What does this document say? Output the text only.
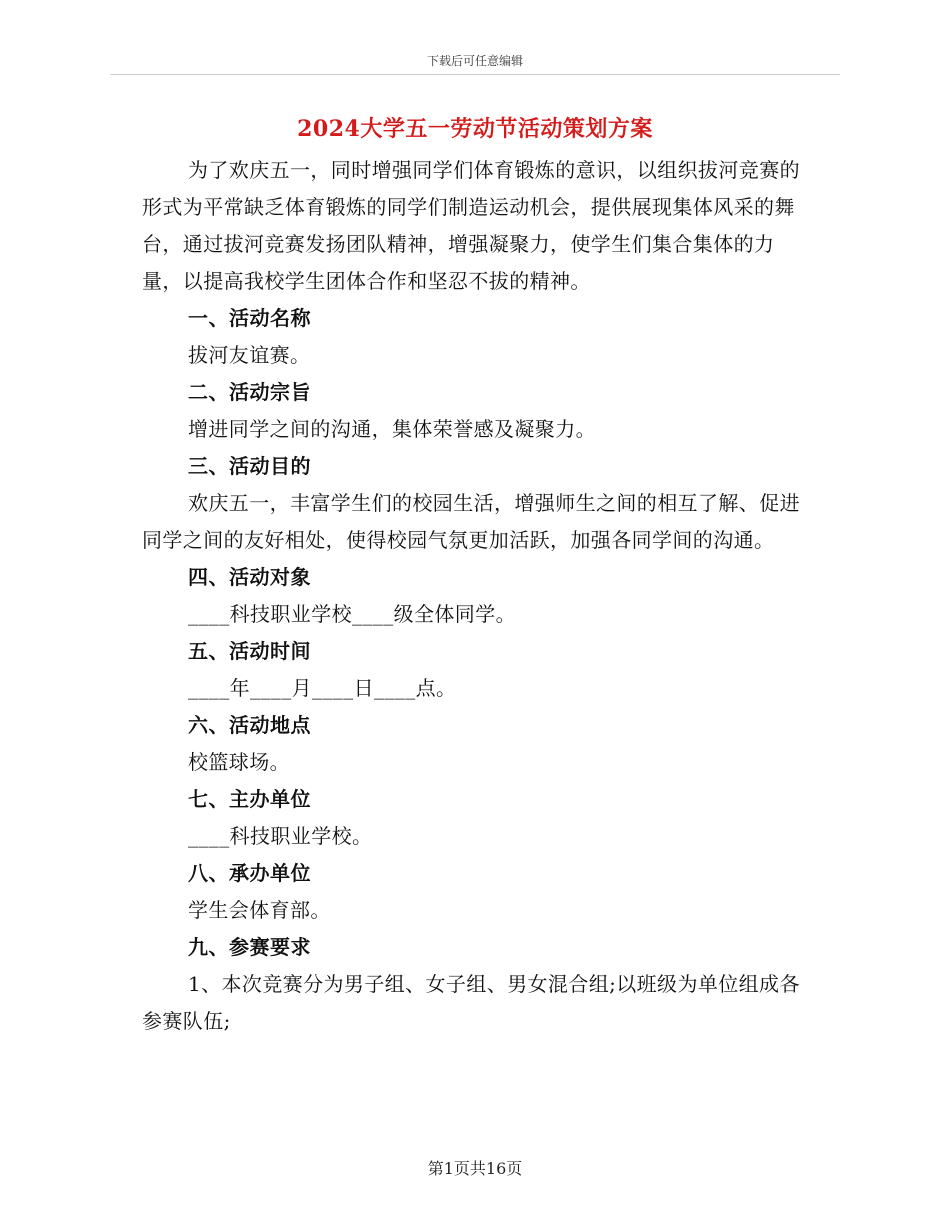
下载后可任意编辑
2024大学五一劳动节活动策划方案

为了欢庆五一，同时增强同学们体育锻炼的意识，以组织拔河竞赛的形式为平常缺乏体育锻炼的同学们制造运动机会，提供展现集体风采的舞台，通过拔河竞赛发扬团队精神，增强凝聚力，使学生们集合集体的力量，以提高我校学生团体合作和坚忍不拔的精神。

一、活动名称

拔河友谊赛。

二、活动宗旨

增进同学之间的沟通，集体荣誉感及凝聚力。

三、活动目的

欢庆五一，丰富学生们的校园生活，增强师生之间的相互了解、促进同学之间的友好相处，使得校园气氛更加活跃，加强各同学间的沟通。

四、活动对象

____科技职业学校____级全体同学。

五、活动时间

____年____月____日____点。

六、活动地点

校篮球场。

七、主办单位

____科技职业学校。

八、承办单位

学生会体育部。

九、参赛要求

1、本次竞赛分为男子组、女子组、男女混合组;以班级为单位组成各参赛队伍;

第1页共16页
